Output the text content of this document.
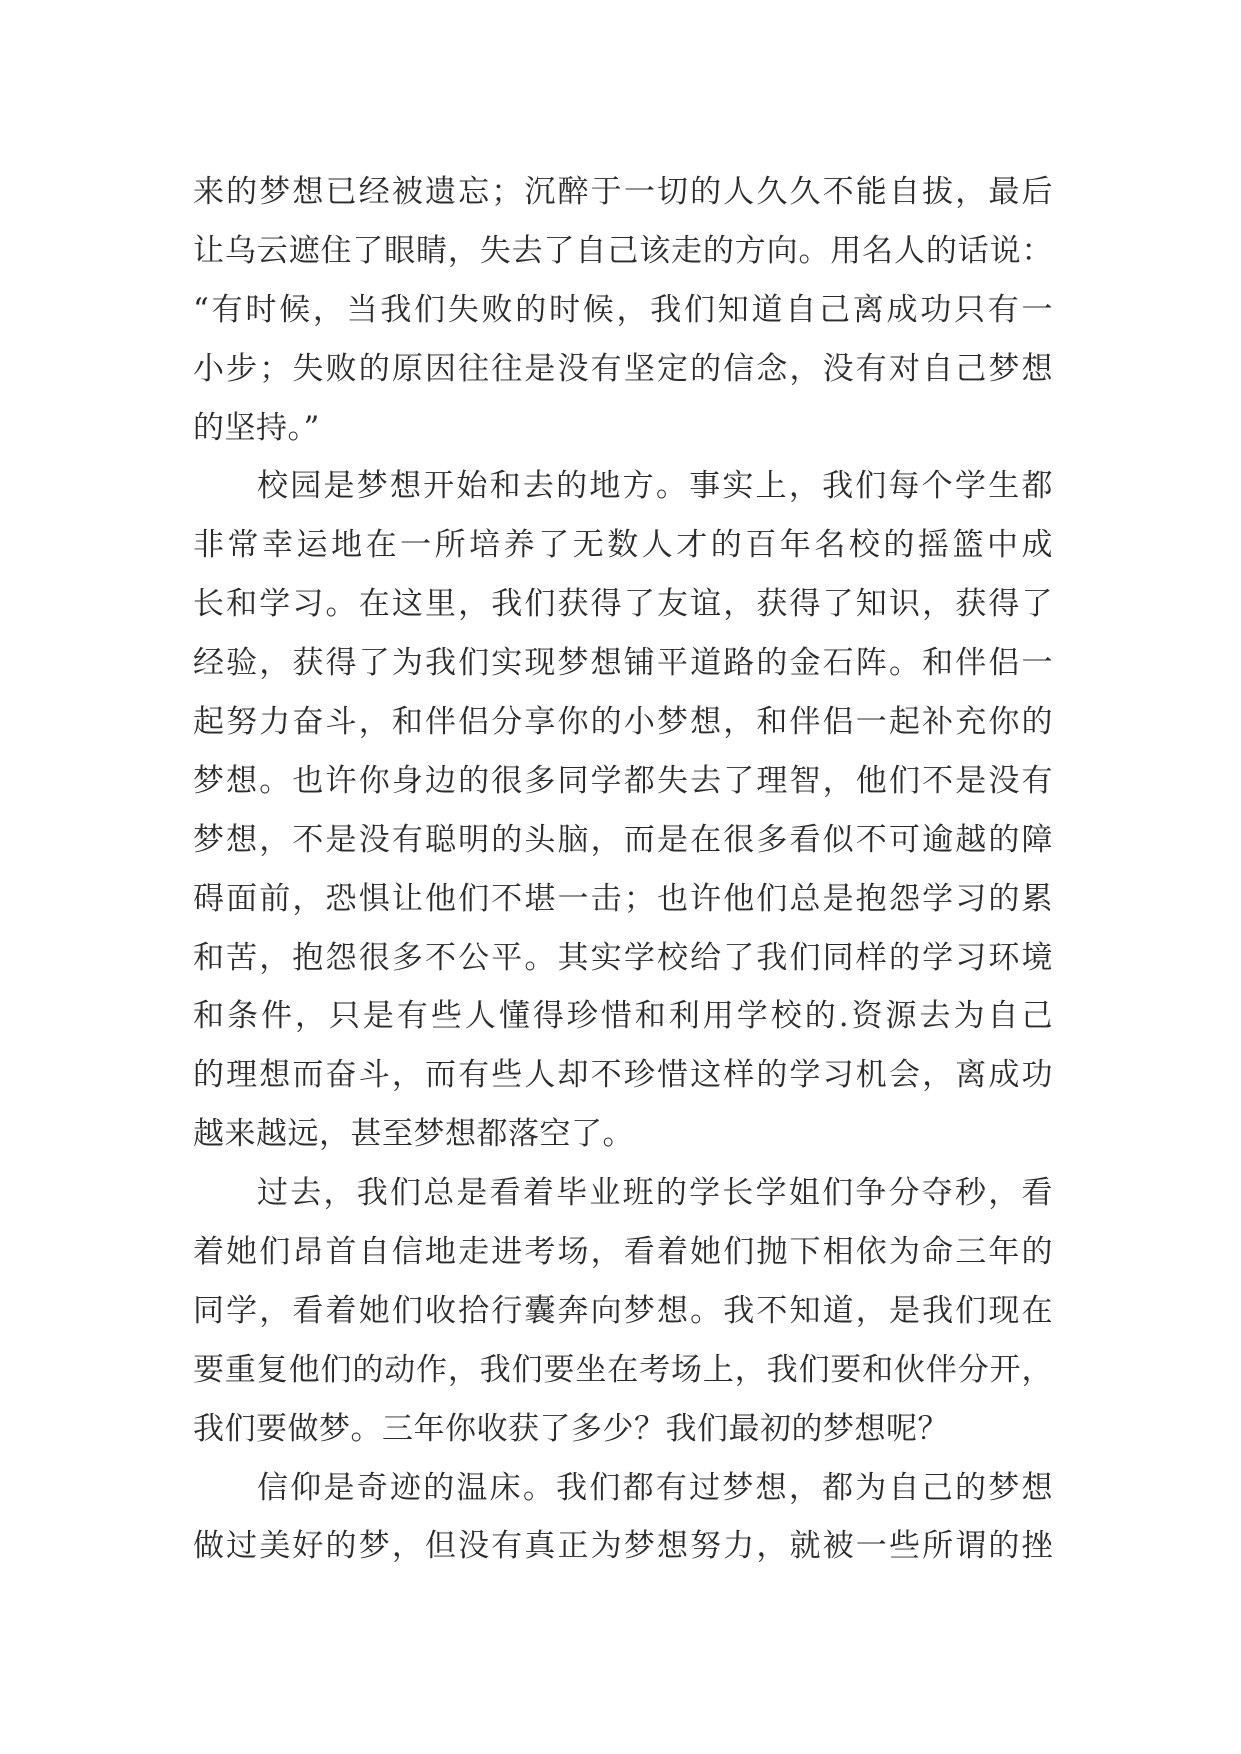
来的梦想已经被遗忘；沉醉于一切的人久久不能自拔，最后
让乌云遮住了眼睛，失去了自己该走的方向。用名人的话说：
“有时候，当我们失败的时候，我们知道自己离成功只有一
小步；失败的原因往往是没有坚定的信念，没有对自己梦想
的坚持。”
校园是梦想开始和去的地方。事实上，我们每个学生都
非常幸运地在一所培养了无数人才的百年名校的摇篮中成
长和学习。在这里，我们获得了友谊，获得了知识，获得了
经验，获得了为我们实现梦想铺平道路的金石阵。和伴侣一
起努力奋斗，和伴侣分享你的小梦想，和伴侣一起补充你的
梦想。也许你身边的很多同学都失去了理智，他们不是没有
梦想，不是没有聪明的头脑，而是在很多看似不可逾越的障
碍面前，恐惧让他们不堪一击；也许他们总是抱怨学习的累
和苦，抱怨很多不公平。其实学校给了我们同样的学习环境
和条件，只是有些人懂得珍惜和利用学校的.资源去为自己
的理想而奋斗，而有些人却不珍惜这样的学习机会，离成功
越来越远，甚至梦想都落空了。
过去，我们总是看着毕业班的学长学姐们争分夺秒，看
着她们昂首自信地走进考场，看着她们抛下相依为命三年的
同学，看着她们收拾行囊奔向梦想。我不知道，是我们现在
要重复他们的动作，我们要坐在考场上，我们要和伙伴分开，
我们要做梦。三年你收获了多少？我们最初的梦想呢？
信仰是奇迹的温床。我们都有过梦想，都为自己的梦想
做过美好的梦，但没有真正为梦想努力，就被一些所谓的挫
